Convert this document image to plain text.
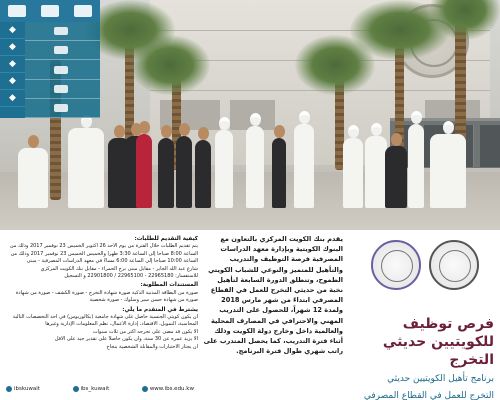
◆
◆
◆
◆
◆
فرص توظيف للكويتيين حديثي التخرج
برنامج تأهيل الكويتيين حديثي
التخرج للعمل في القطاع المصرفي
يقدم بنك الكويت المركزي بالتعاون مع البنوك الكويتية وبإدارة معهد الدراسات المصرفية فرصة التوظيف والتدريب والتأهيل للمتميز والنوعي للشباب الكويتي الطموح، وتنطلق الدورة السابعة لتأهيل نخبة من حديثي التخرج للعمل في القطاع المصرفي ابتداءً من شهر مارس 2018 ولمدة 12 شهراً، للحصول على التدريب المهني والاحترافي في المصارف المحلية والعالمية داخل وخارج دولة الكويت وذلك أثناء فترة التدريب، كما يحصل المتدرب على راتب شهري طوال فترة البرنامج.
كيفية التقديم للطلبات:
يتم تقديم الطلبات خلال الفترة من يوم الأحد 26 أكتوبر الخميس 23 نوفمبر 2017 وذلك من
الساعة 8:00 صباحاً إلى الساعة 3:30 ظهراً والخميس الخميس 23 نوفمبر 2017 وذلك من
الساعة 10:00 صباحاً إلى الساعة 6:00 مساءً في معهد الدراسات المصرفية - مبنى
شارع عبد الله الجابر - مقابل مبنى برج الحمراء - مقابل بنك الكويت المركزي
للاستفسار: 22965180 - 22965100 / 22901800 و التسجيل
المستندات المطلوبة:
صورة من البطاقة المدنية الذكية صورة شهادة التخرج - صورة الكشف - صورة من شهادة
صورة من شهادة حسن سير وسلوك - صورة شخصية
يشترط في المتقدم ما يلي:
أن يكون كويتي الجنسية حاصل على شهادة جامعية (بكالوريوس) في أحد التخصصات التالية
المحاسبة، التمويل، الاقتصاد، إدارة الأعمال، نظم المعلومات الإدارية وغيرها
ألا يكون قد مضى على تخرجه أكثر من ثلاث سنوات
ألا يزيد عمره عن 30 سنة، وأن يكون حاصلاً على تقدير جيد على الأقل
أن يجتاز الاختبارات والمقابلة الشخصية بنجاح
ibskuwait	ibs_kuwait	www.ibs.edu.kw
